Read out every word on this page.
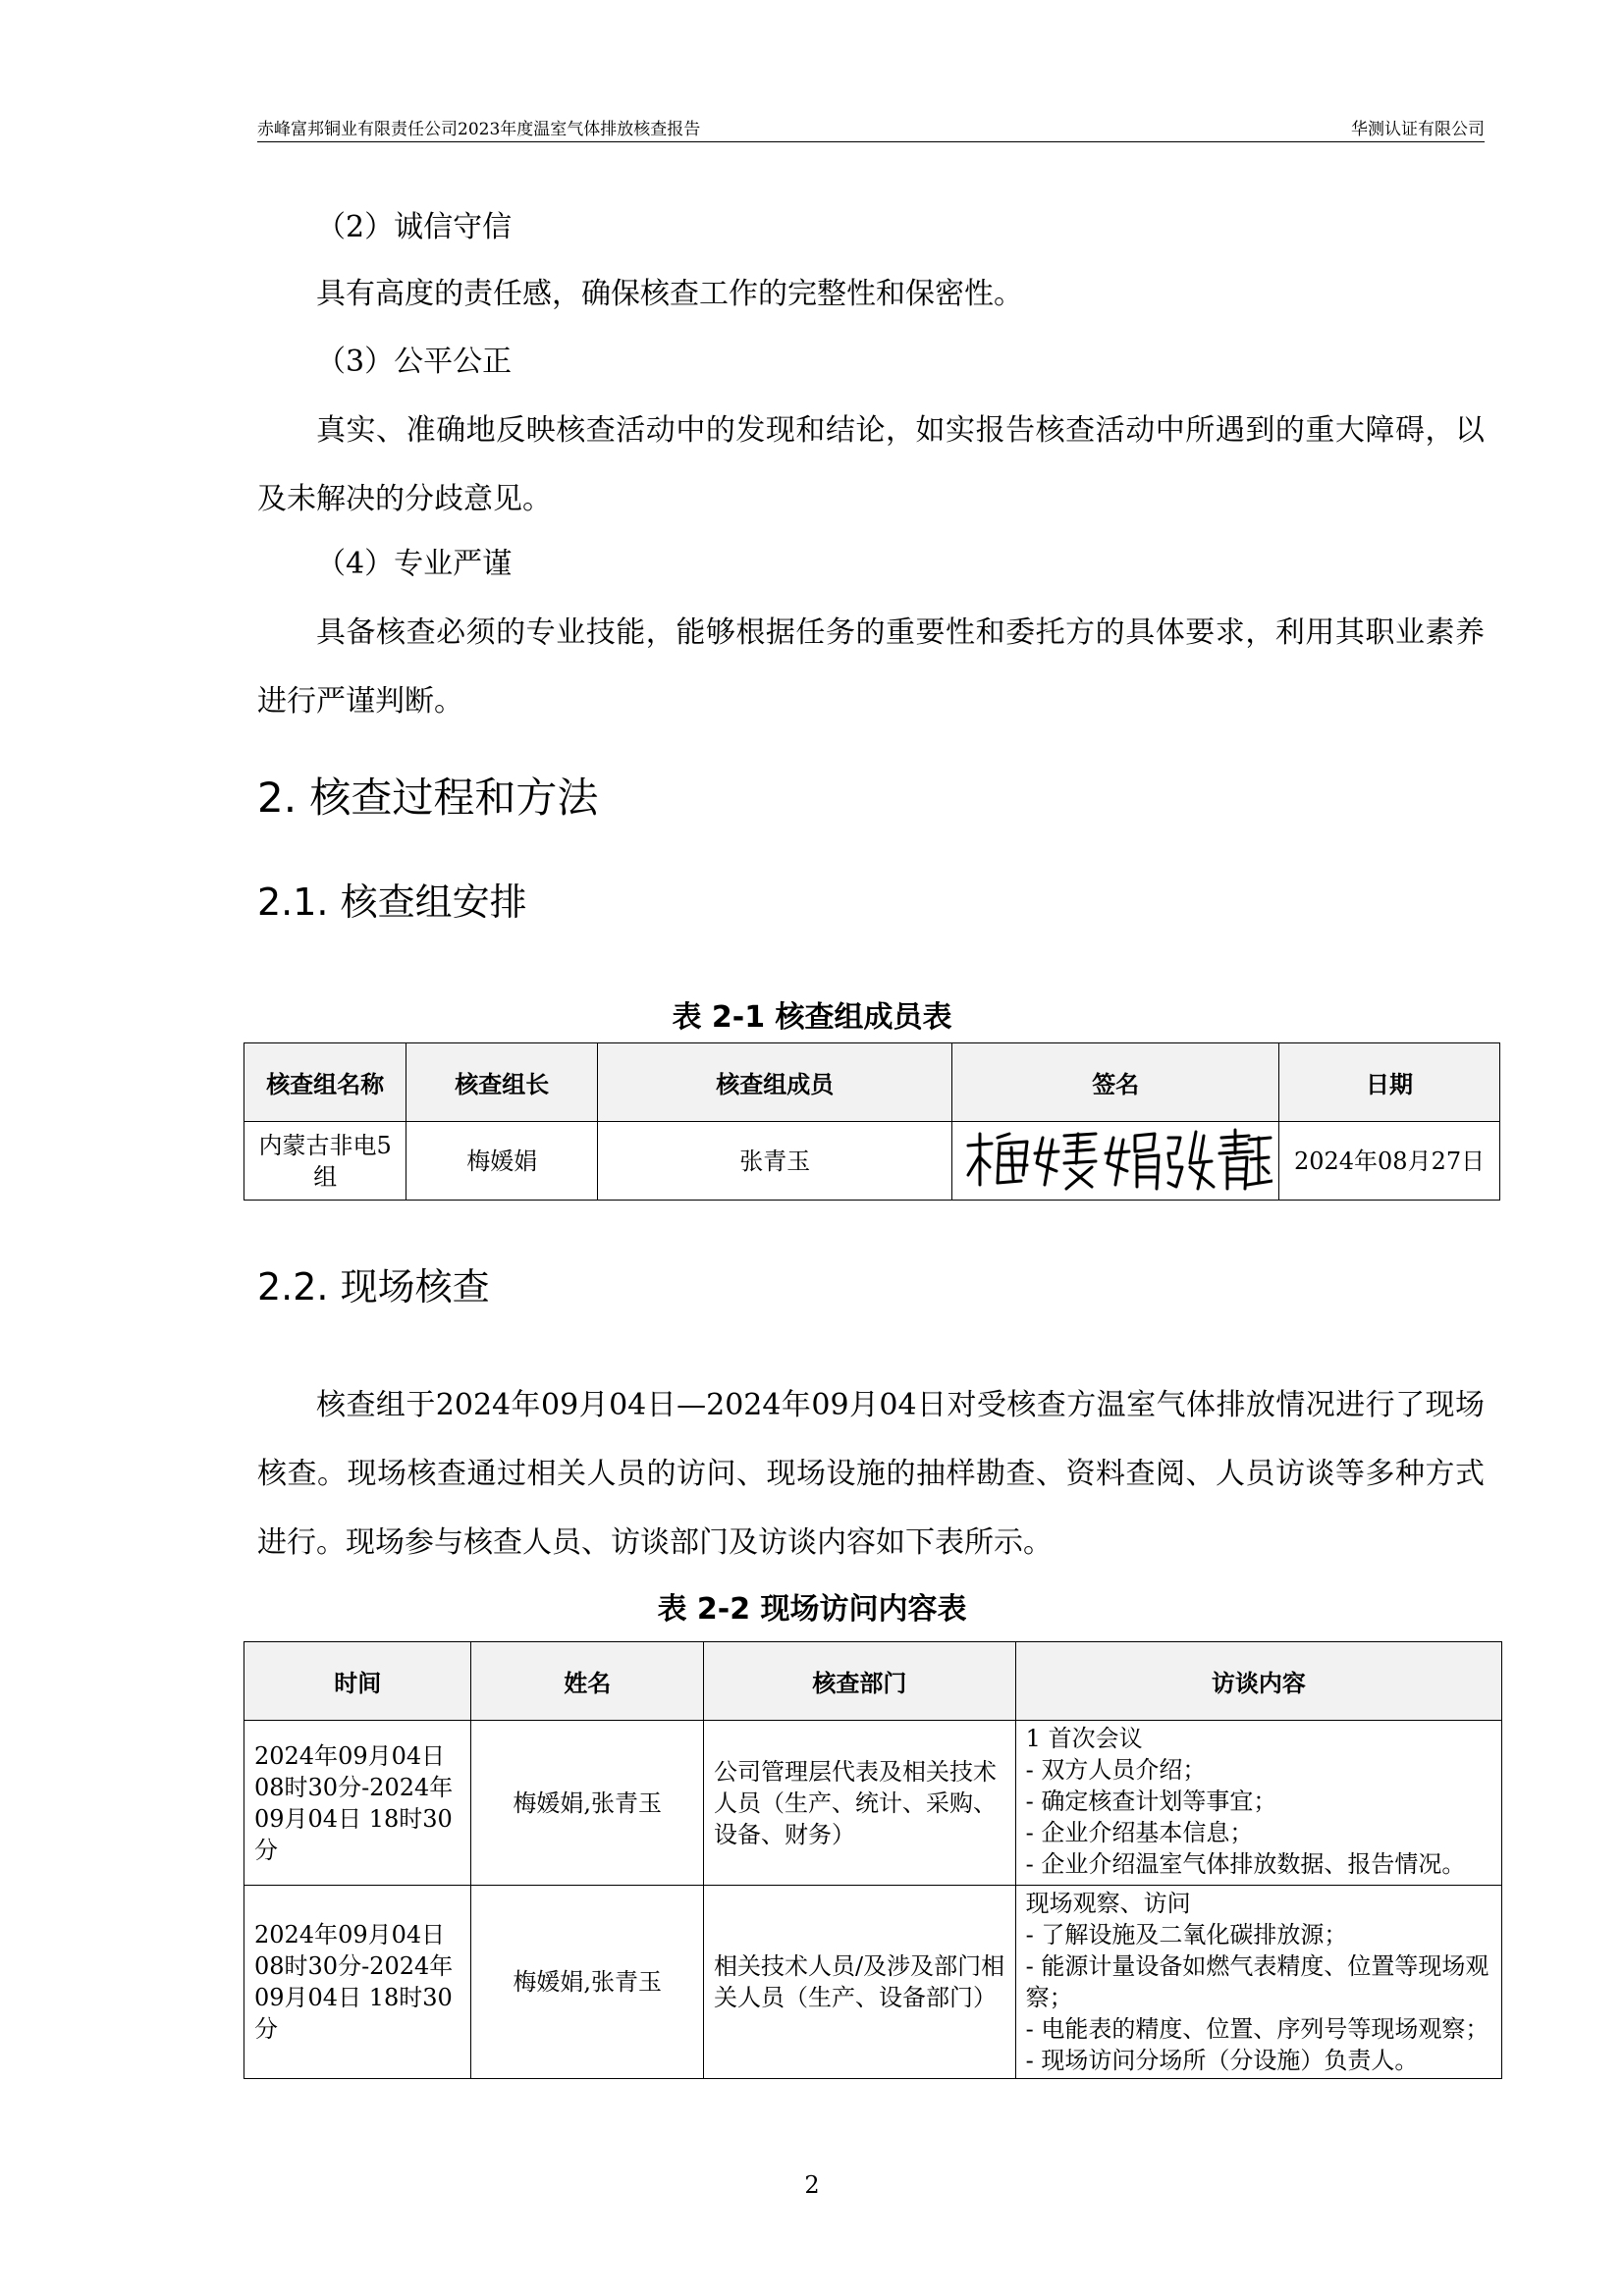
赤峰富邦铜业有限责任公司2023年度温室气体排放核查报告	华测认证有限公司
（2）诚信守信
具有高度的责任感，确保核查工作的完整性和保密性。
（3）公平公正
真实、准确地反映核查活动中的发现和结论，如实报告核查活动中所遇到的重大障碍，以及未解决的分歧意见。
（4）专业严谨
具备核查必须的专业技能，能够根据任务的重要性和委托方的具体要求，利用其职业素养进行严谨判断。
2. 核查过程和方法
2.1. 核查组安排
表 2-1 核查组成员表
核查组名称	核查组长	核查组成员	签名	日期
内蒙古非电5组	梅媛娟	张青玉		2024年08月27日
2.2. 现场核查
核查组于2024年09月04日—2024年09月04日对受核查方温室气体排放情况进行了现场核查。现场核查通过相关人员的访问、现场设施的抽样勘查、资料查阅、人员访谈等多种方式进行。现场参与核查人员、访谈部门及访谈内容如下表所示。
表 2-2 现场访问内容表
时间	姓名	核查部门	访谈内容
2024年09月04日08时30分-2024年09月04日 18时30分	梅媛娟,张青玉	公司管理层代表及相关技术人员（生产、统计、采购、设备、财务）	1 首次会议
- 双方人员介绍；
- 确定核查计划等事宜；
- 企业介绍基本信息；
- 企业介绍温室气体排放数据、报告情况。

2024年09月04日08时30分-2024年09月04日 18时30分	梅媛娟,张青玉	相关技术人员/及涉及部门相关人员（生产、设备部门）	现场观察、访问
- 了解设施及二氧化碳排放源；
- 能源计量设备如燃气表精度、位置等现场观察；
- 电能表的精度、位置、序列号等现场观察；
- 现场访问分场所（分设施）负责人。
2
